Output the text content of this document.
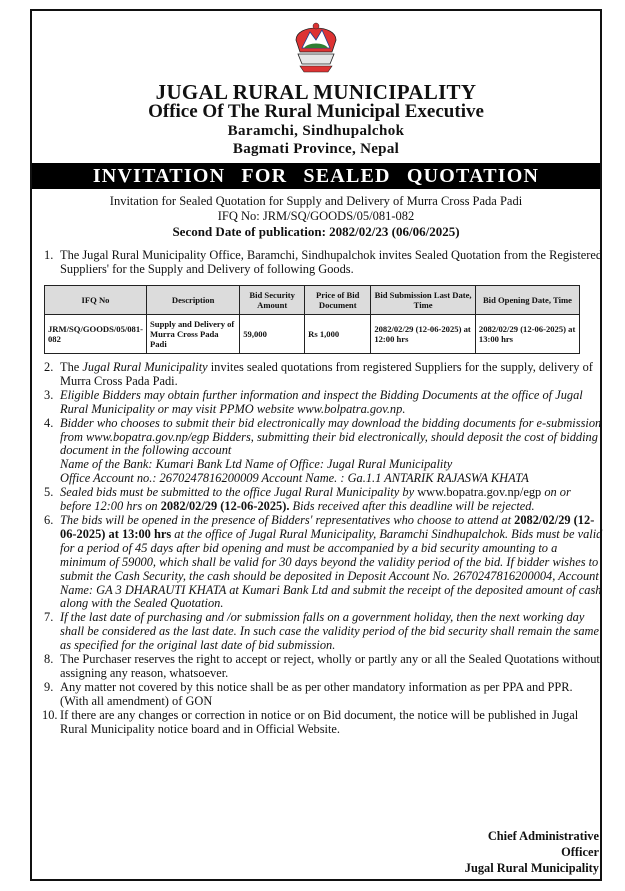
JUGAL RURAL MUNICIPALITY
Office Of The Rural Municipal Executive
Baramchi, Sindhupalchok
Bagmati Province, Nepal
INVITATION FOR SEALED QUOTATION
Invitation for Sealed Quotation for Supply and Delivery of Murra Cross Pada Padi
IFQ No: JRM/SQ/GOODS/05/081-082
Second Date of publication: 2082/02/23 (06/06/2025)
1. The Jugal Rural Municipality Office, Baramchi, Sindhupalchok invites Sealed Quotation from the Registered Suppliers' for the Supply and Delivery of following Goods.
IFQ No	Description	Bid Security Amount	Price of Bid Document	Bid Submission Last Date, Time	Bid Opening Date, Time
JRM/SQ/GOODS/05/081-082	Supply and Delivery of Murra Cross Pada Padi	59,000	Rs 1,000	2082/02/29 (12-06-2025) at 12:00 hrs	2082/02/29 (12-06-2025) at 13:00 hrs
2. The Jugal Rural Municipality invites sealed quotations from registered Suppliers for the supply, delivery of Murra Cross Pada Padi.
3. Eligible Bidders may obtain further information and inspect the Bidding Documents at the office of Jugal Rural Municipality or may visit PPMO website www.bolpatra.gov.np.
4. Bidder who chooses to submit their bid electronically may download the bidding documents for e-submission from www.bopatra.gov.np/egp Bidders, submitting their bid electronically, should deposit the cost of bidding document in the following account
Name of the Bank: Kumari Bank Ltd Name of Office: Jugal Rural Municipality
Office Account no.: 2670247816200009 Account Name. : Ga.1.1 ANTARIK RAJASWA KHATA
5. Sealed bids must be submitted to the office Jugal Rural Municipality by www.bopatra.gov.np/egp on or before 12:00 hrs on 2082/02/29 (12-06-2025). Bids received after this deadline will be rejected.
6. The bids will be opened in the presence of Bidders' representatives who choose to attend at 2082/02/29 (12-06-2025) at 13:00 hrs at the office of Jugal Rural Municipality, Baramchi Sindhupalchok. Bids must be valid for a period of 45 days after bid opening and must be accompanied by a bid security amounting to a minimum of 59000, which shall be valid for 30 days beyond the validity period of the bid. If bidder wishes to submit the Cash Security, the cash should be deposited in Deposit Account No. 267024781620000​4, Account Name: GA 3 DHARAUTI KHATA at Kumari Bank Ltd and submit the receipt of the deposited amount of cash along with the Sealed Quotation.
7. If the last date of purchasing and /or submission falls on a government holiday, then the next working day shall be considered as the last date. In such case the validity period of the bid security shall remain the same as specified for the original last date of bid submission.
8. The Purchaser reserves the right to accept or reject, wholly or partly any or all the Sealed Quotations without assigning any reason, whatsoever.
9. Any matter not covered by this notice shall be as per other mandatory information as per PPA and PPR. (With all amendment) of GON
10. If there are any changes or correction in notice or on Bid document, the notice will be published in Jugal Rural Municipality notice board and in Official Website.
Chief Administrative
Officer
Jugal Rural Municipality
